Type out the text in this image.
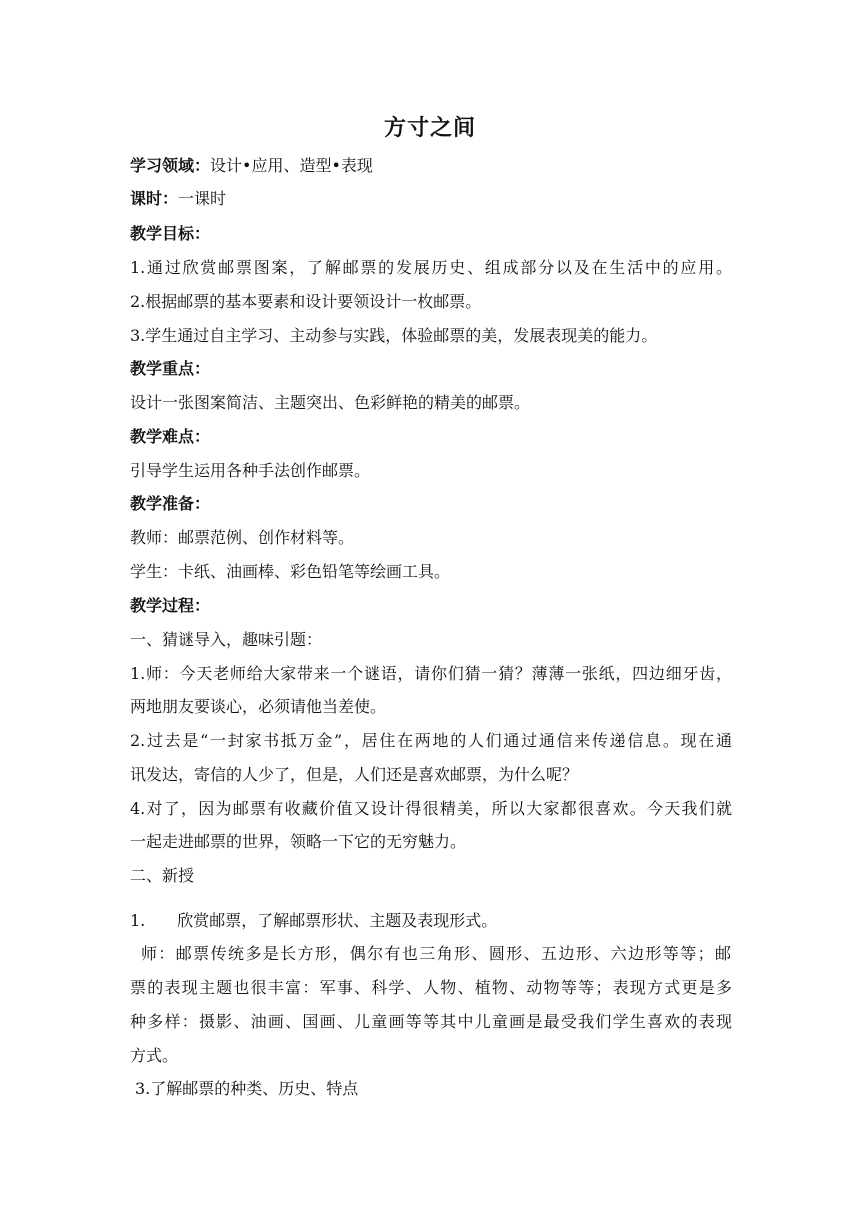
方寸之间
学习领域：设计•应用、造型•表现
课时：一课时
教学目标：
1.通过欣赏邮票图案，了解邮票的发展历史、组成部分以及在生活中的应用。
2.根据邮票的基本要素和设计要领设计一枚邮票。
3.学生通过自主学习、主动参与实践，体验邮票的美，发展表现美的能力。
教学重点：
设计一张图案简洁、主题突出、色彩鲜艳的精美的邮票。
教学难点：
引导学生运用各种手法创作邮票。
教学准备：
教师：邮票范例、创作材料等。
学生：卡纸、油画棒、彩色铅笔等绘画工具。
教学过程：
一、猜谜导入，趣味引题：
1.师：今天老师给大家带来一个谜语，请你们猜一猜？薄薄一张纸，四边细牙齿，
两地朋友要谈心，必须请他当差使。
2.过去是“一封家书抵万金”，居住在两地的人们通过通信来传递信息。现在通
讯发达，寄信的人少了，但是，人们还是喜欢邮票，为什么呢？
4.对了，因为邮票有收藏价值又设计得很精美，所以大家都很喜欢。今天我们就
一起走进邮票的世界，领略一下它的无穷魅力。
二、新授
1. 欣赏邮票，了解邮票形状、主题及表现形式。
师：邮票传统多是长方形，偶尔有也三角形、圆形、五边形、六边形等等；邮
票的表现主题也很丰富：军事、科学、人物、植物、动物等等；表现方式更是多
种多样：摄影、油画、国画、儿童画等等其中儿童画是最受我们学生喜欢的表现
方式。
3.了解邮票的种类、历史、特点
